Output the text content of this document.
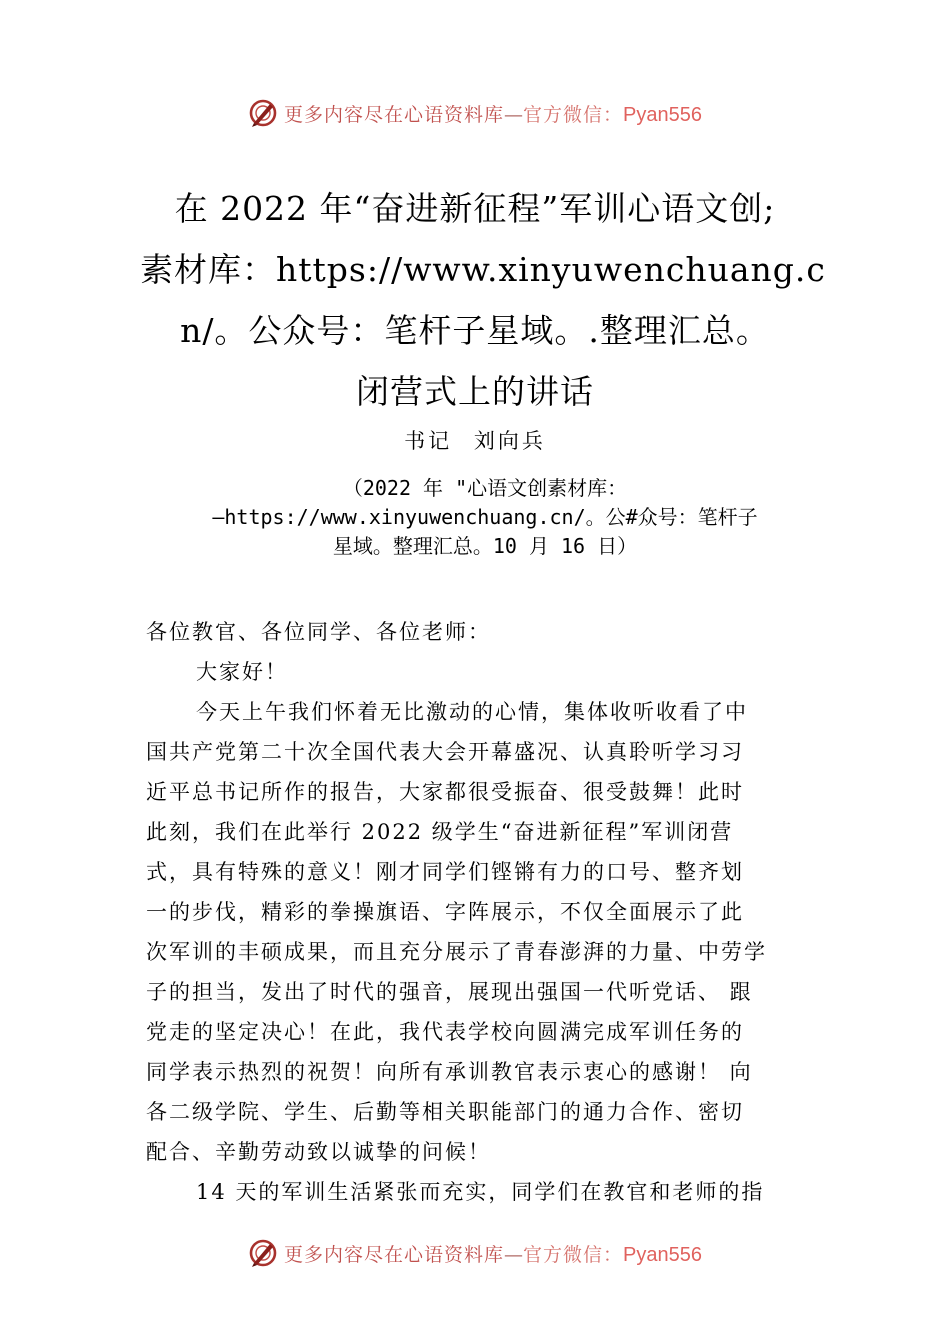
更多内容尽在心语资料库—官方微信：Pyan556
在 2022 年“奋进新征程”军训心语文创;
素材库：https://www.xinyuwenchuang.c
n/。公众号：笔杆子星域。.整理汇总。
闭营式上的讲话
书记 刘向兵
（2022 年 "心语文创素材库：
—https://www.xinyuwenchuang.cn/。公#众号：笔杆子
星域。整理汇总。10 月 16 日）
各位教官、各位同学、各位老师：
大家好！
今天上午我们怀着无比激动的心情，集体收听收看了中
国共产党第二十次全国代表大会开幕盛况、认真聆听学习习
近平总书记所作的报告，大家都很受振奋、很受鼓舞！此时
此刻，我们在此举行 2022 级学生“奋进新征程”军训闭营
式，具有特殊的意义！刚才同学们铿锵有力的口号、整齐划
一的步伐，精彩的拳操旗语、字阵展示，不仅全面展示了此
次军训的丰硕成果，而且充分展示了青春澎湃的力量、中劳学
子的担当，发出了时代的强音，展现出强国一代听党话、 跟
党走的坚定决心！在此，我代表学校向圆满完成军训任务的
同学表示热烈的祝贺！向所有承训教官表示衷心的感谢！ 向
各二级学院、学生、后勤等相关职能部门的通力合作、密切
配合、辛勤劳动致以诚挚的问候！
14 天的军训生活紧张而充实，同学们在教官和老师的指
更多内容尽在心语资料库—官方微信：Pyan556
